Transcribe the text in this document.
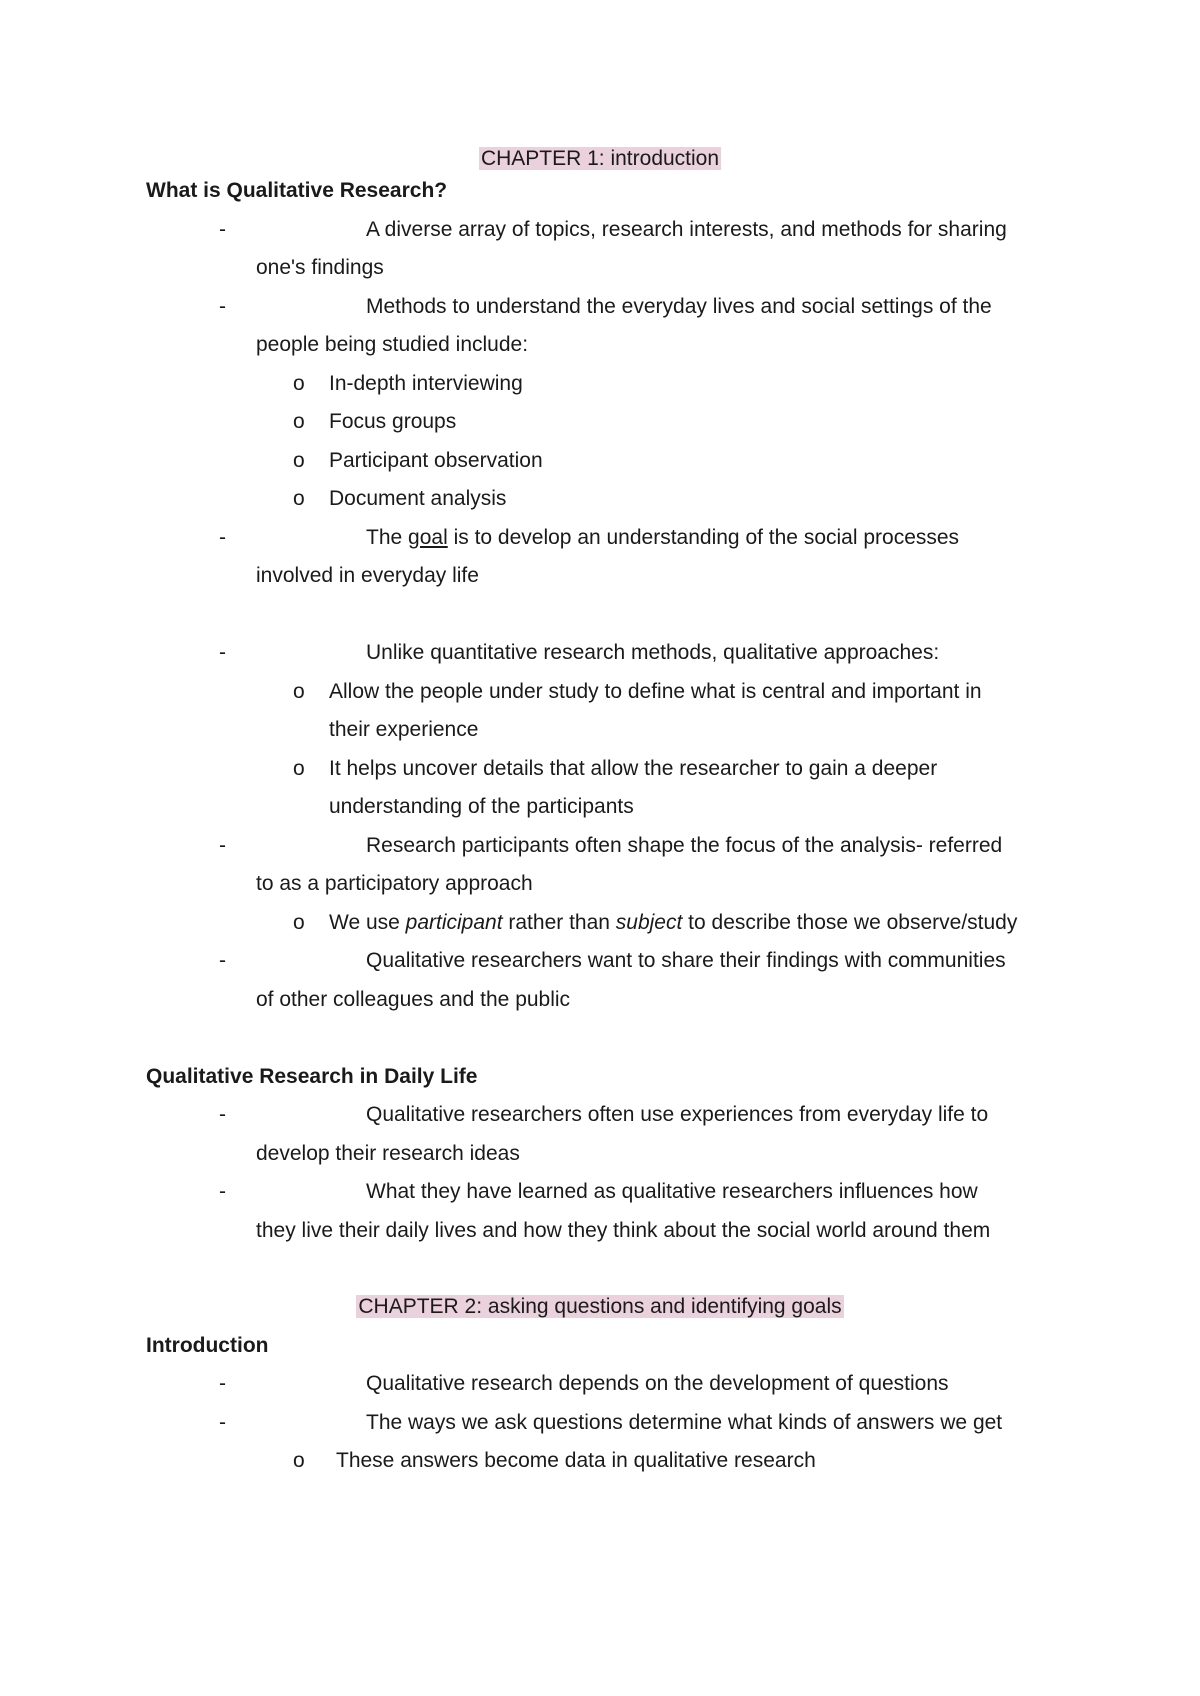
CHAPTER 1: introduction
What is Qualitative Research?
-	A diverse array of topics, research interests, and methods for sharing
one's findings
-	Methods to understand the everyday lives and social settings of the
people being studied include:
o In-depth interviewing
o Focus groups
o Participant observation
o Document analysis
-	The goal is to develop an understanding of the social processes
involved in everyday life
-	Unlike quantitative research methods, qualitative approaches:
o Allow the people under study to define what is central and important in
their experience
o It helps uncover details that allow the researcher to gain a deeper
understanding of the participants
-	Research participants often shape the focus of the analysis- referred
to as a participatory approach
o We use participant rather than subject to describe those we observe/study
-	Qualitative researchers want to share their findings with communities
of other colleagues and the public
Qualitative Research in Daily Life
-	Qualitative researchers often use experiences from everyday life to
develop their research ideas
-	What they have learned as qualitative researchers influences how
they live their daily lives and how they think about the social world around them
CHAPTER 2: asking questions and identifying goals
Introduction
-	Qualitative research depends on the development of questions
-	The ways we ask questions determine what kinds of answers we get
o These answers become data in qualitative research
